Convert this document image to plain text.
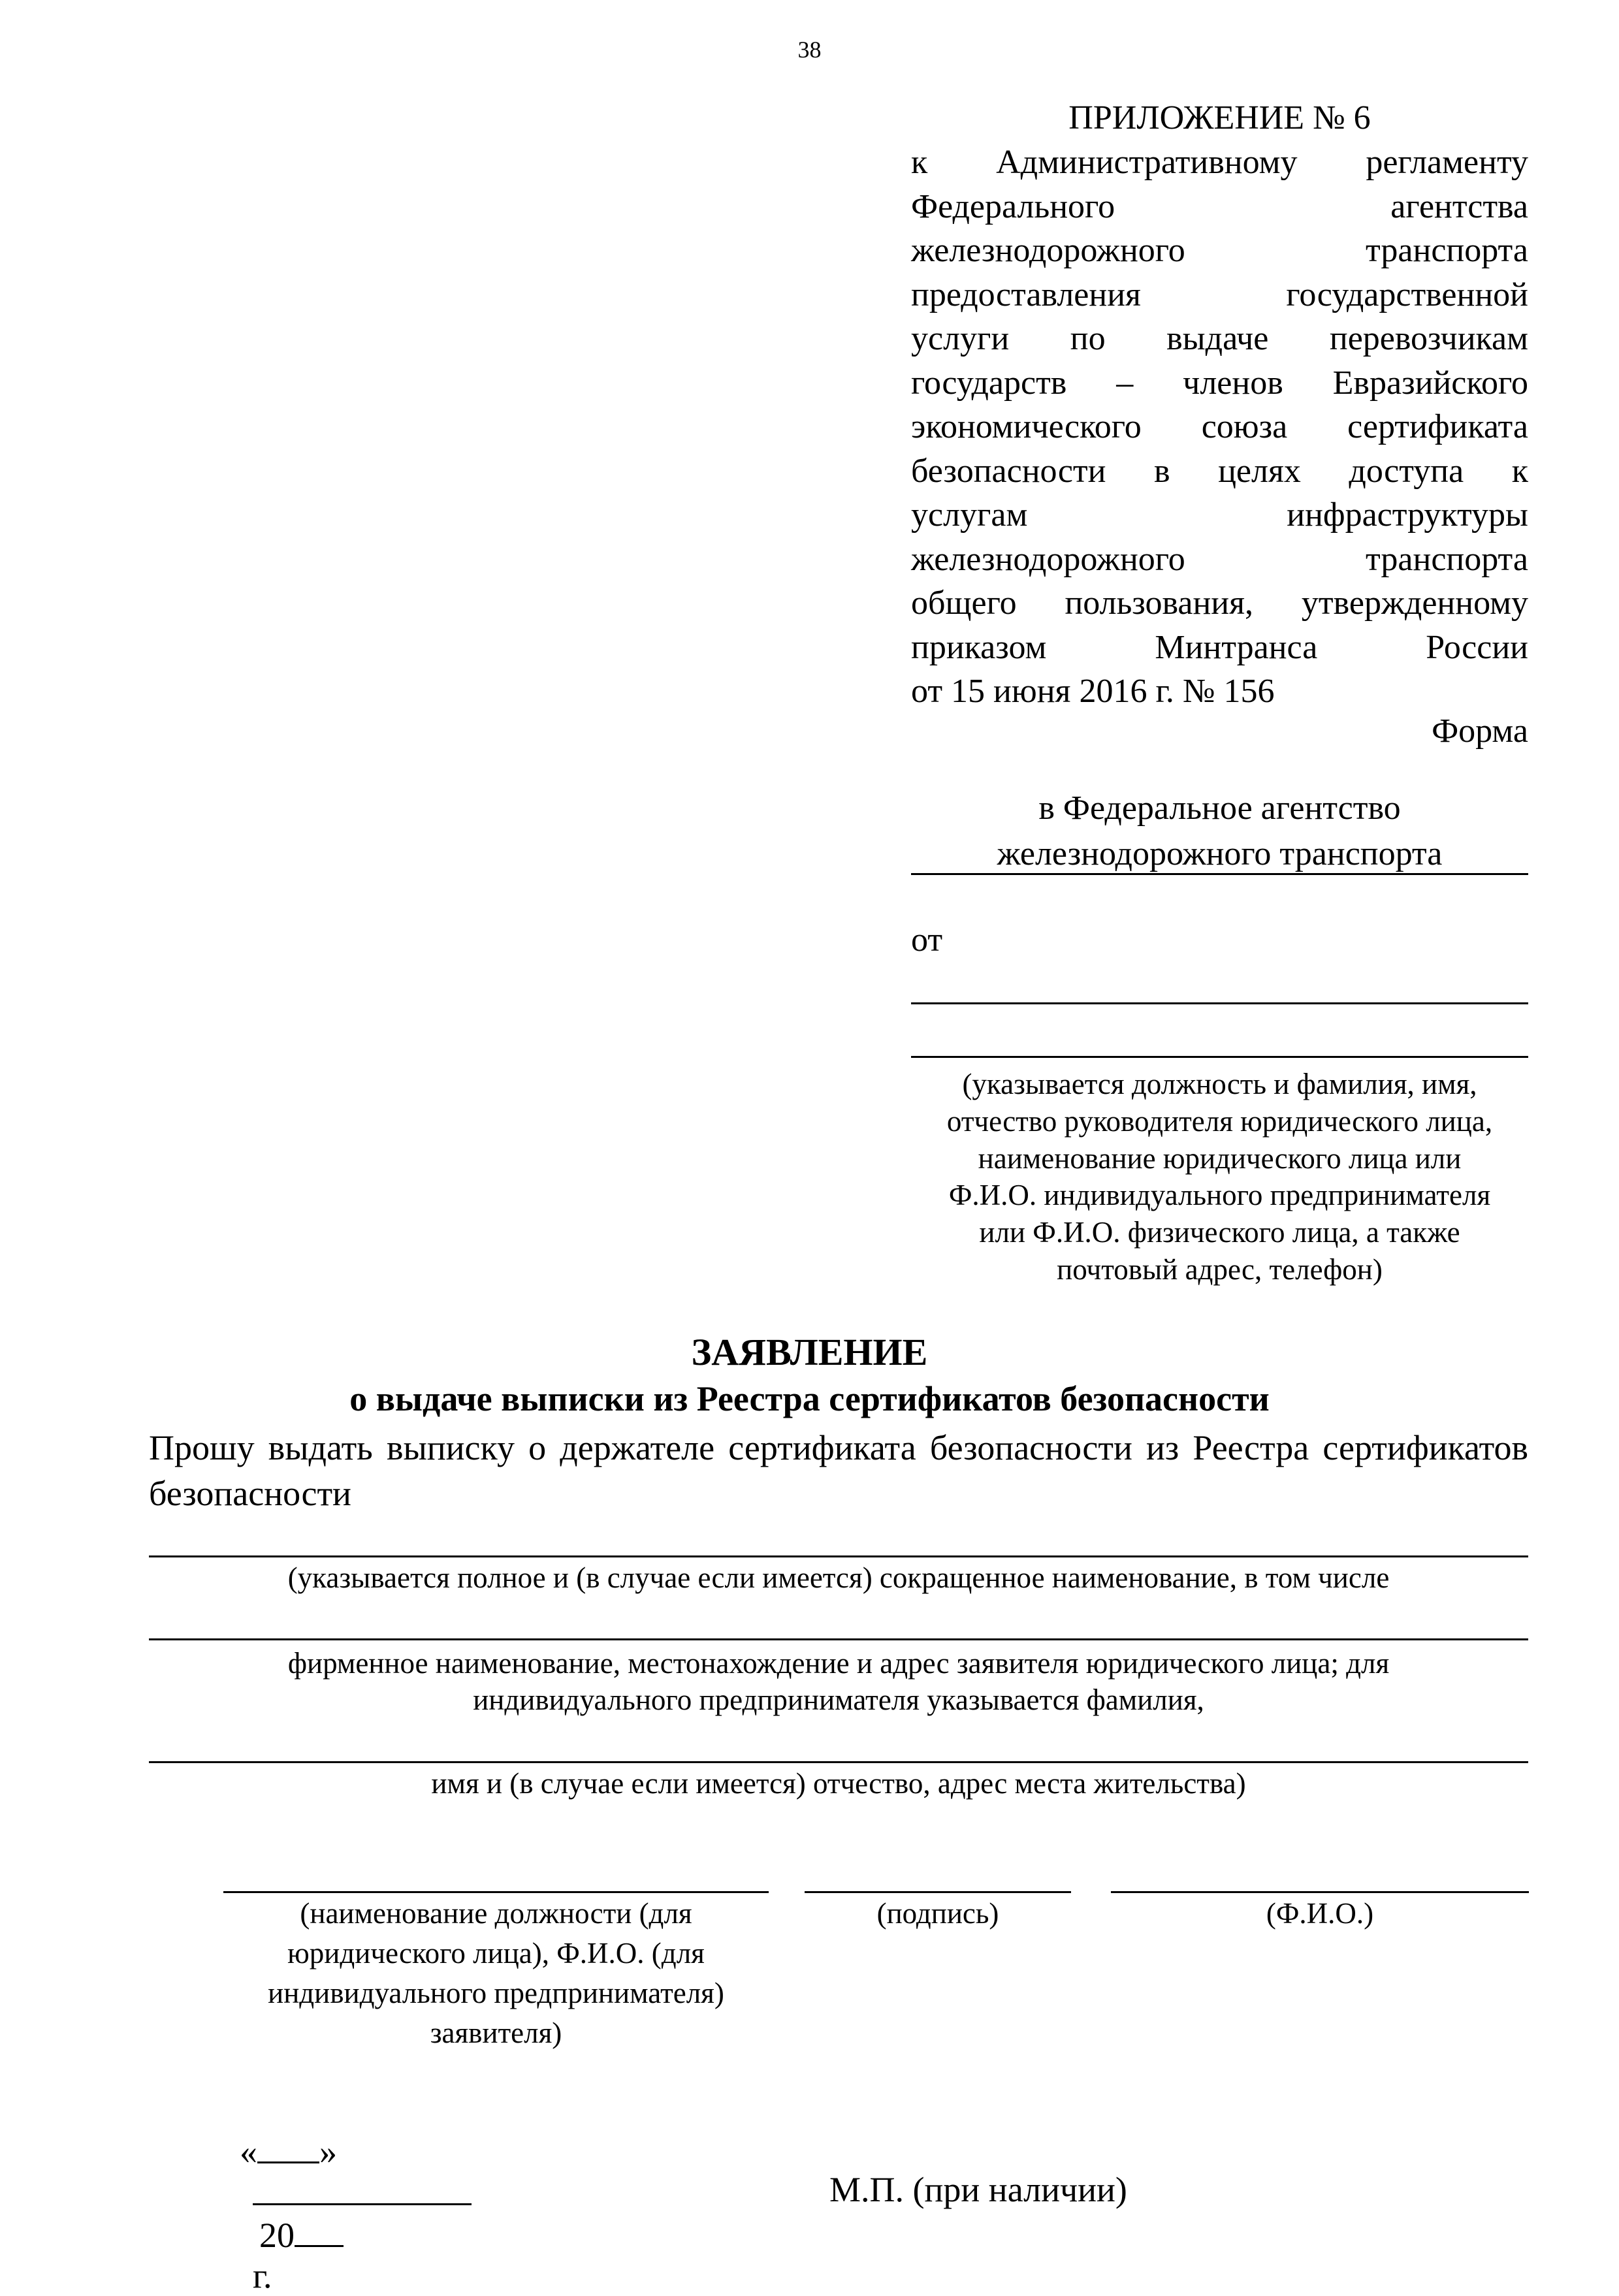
38
ПРИЛОЖЕНИЕ № 6
к Административному регламенту
Федерального агентства
железнодорожного транспорта
предоставления государственной
услуги по выдаче перевозчикам
государств – членов Евразийского
экономического союза сертификата
безопасности в целях доступа к
услугам инфраструктуры
железнодорожного транспорта
общего пользования, утвержденному
приказом Минтранса России
от 15 июня 2016 г. № 156
Форма
в Федеральное агентство
железнодорожного транспорта
от
(указывается должность и фамилия, имя,
отчество руководителя юридического лица,
наименование юридического лица или
Ф.И.О. индивидуального предпринимателя
или Ф.И.О. физического лица, а также
почтовый адрес, телефон)
ЗАЯВЛЕНИЕ
о выдаче выписки из Реестра сертификатов безопасности
Прошу выдать выписку о держателе сертификата безопасности из Реестра сертификатов безопасности
(указывается полное и (в случае если имеется) сокращенное наименование, в том числе
фирменное наименование, местонахождение и адрес заявителя юридического лица; для
индивидуального предпринимателя указывается фамилия,
имя и (в случае если имеется) отчество, адрес места жительства)
(наименование должности (для
юридического лица), Ф.И.О. (для
индивидуального предпринимателя)
заявителя)
(подпись)	(Ф.И.О.)

« »

20
г.

М.П. (при наличии)
